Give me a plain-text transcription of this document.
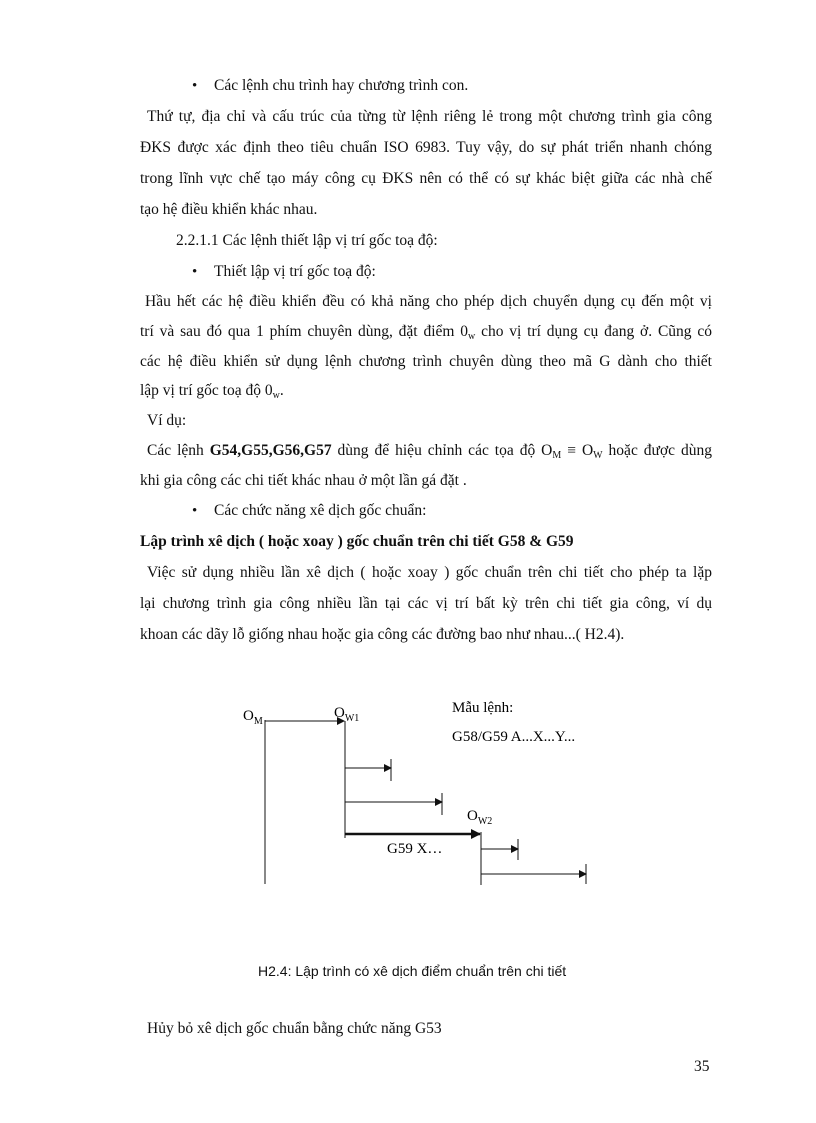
• Các lệnh chu trình hay chương trình con.
Thứ tự, địa chỉ và cấu trúc của từng từ lệnh riêng lẻ trong một chương trình gia công
ĐKS được xác định theo tiêu chuẩn ISO 6983. Tuy vậy, do sự phát triển nhanh chóng
trong lĩnh vực chế tạo máy công cụ ĐKS nên có thể có sự khác biệt giữa các nhà chế
tạo hệ điều khiển khác nhau.
2.2.1.1 Các lệnh thiết lập vị trí gốc toạ độ:
• Thiết lập vị trí gốc toạ độ:
Hầu hết các hệ điều khiển đều có khả năng cho phép dịch chuyển dụng cụ đến một vị
trí và sau đó qua 1 phím chuyên dùng, đặt điểm $0_w$ cho vị trí dụng cụ đang ở. Cũng có
các hệ điều khiển sử dụng lệnh chương trình chuyên dùng theo mã G dành cho thiết
lập vị trí gốc toạ độ $0_w$.
Ví dụ:
Các lệnh G54,G55,G56,G57 dùng để hiệu chỉnh các tọa độ $O_M \equiv O_W$ hoặc được dùng
khi gia công các chi tiết khác nhau ở một lần gá đặt .
• Các chức năng xê dịch gốc chuẩn:
Lập trình xê dịch ( hoặc xoay ) gốc chuẩn trên chi tiết G58 & G59
Việc sử dụng nhiều lần xê dịch ( hoặc xoay ) gốc chuẩn trên chi tiết cho phép ta lặp
lại chương trình gia công nhiều lần tại các vị trí bất kỳ trên chi tiết gia công, ví dụ
khoan các dãy lỗ giống nhau hoặc gia công các đường bao như nhau...( H2.4).
$O_M$
$O_{W1}$
$O_{W2}$
Mẫu lệnh:
G58/G59 A...X...Y...
G59 X…
H2.4: Lập trình có xê dịch điểm chuẩn trên chi tiết
Hủy bỏ xê dịch gốc chuẩn bằng chức năng G53
35
